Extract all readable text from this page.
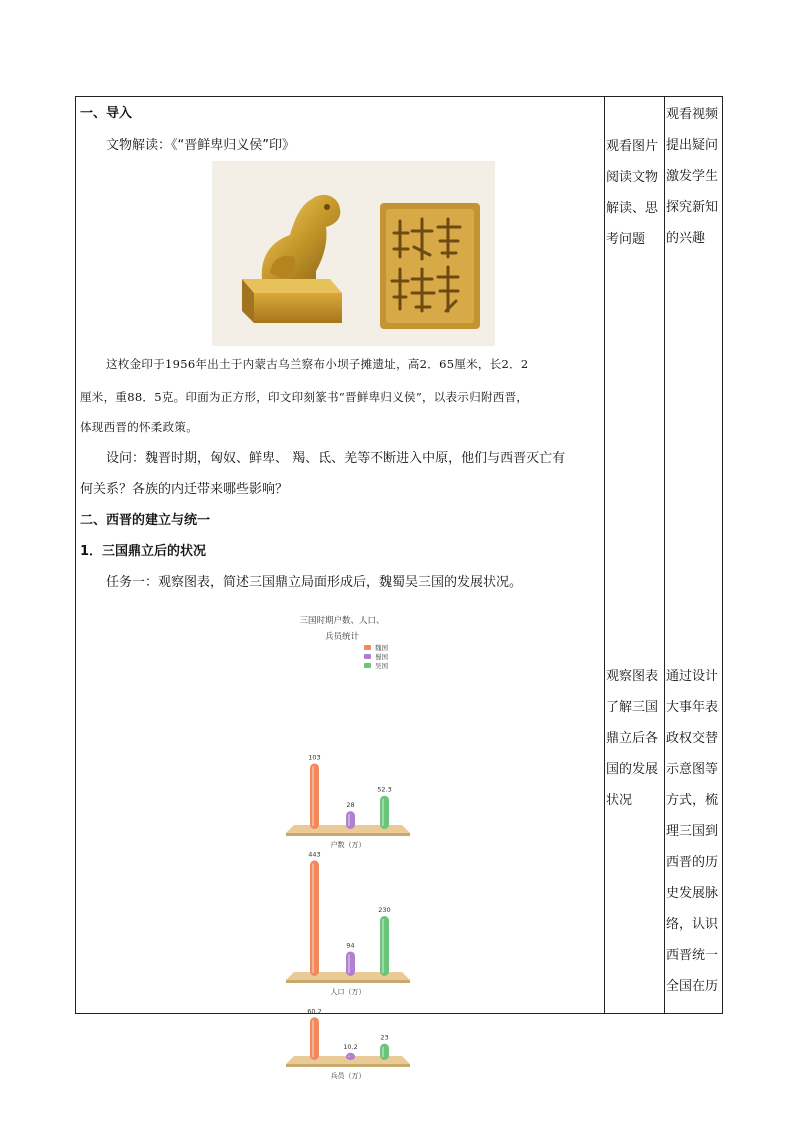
一、导入
文物解读：《“晋鲜卑归义侯”印》
这枚金印于1956年出土于内蒙古乌兰察布小坝子摊遗址，高2．65厘米，长2．2
厘米，重88．5克。印面为正方形，印文印刻篆书“晋鲜卑归义侯”，以表示归附西晋，
体现西晋的怀柔政策。
设问：魏晋时期，匈奴、鲜卑、 羯、氐、羌等不断进入中原，他们与西晋灭亡有
何关系？各族的内迁带来哪些影响？
二、西晋的建立与统一
1．三国鼎立后的状况
任务一：观察图表，简述三国鼎立局面形成后，魏蜀吴三国的发展状况。
三国时期户数、人口、
兵员统计
魏国
蜀国
吴国
户数（万）
103
28
52.3
人口（万）
443
94
230
兵员（万）
60.2
10.2
23
观看图片阅读文物解读、思考问题
观察图表了解三国鼎立后各国的发展状况
观看视频提出疑问激发学生探究新知的兴趣
通过设计大事年表政权交替示意图等方式，梳理三国到西晋的历史发展脉络，认识西晋统一全国在历
